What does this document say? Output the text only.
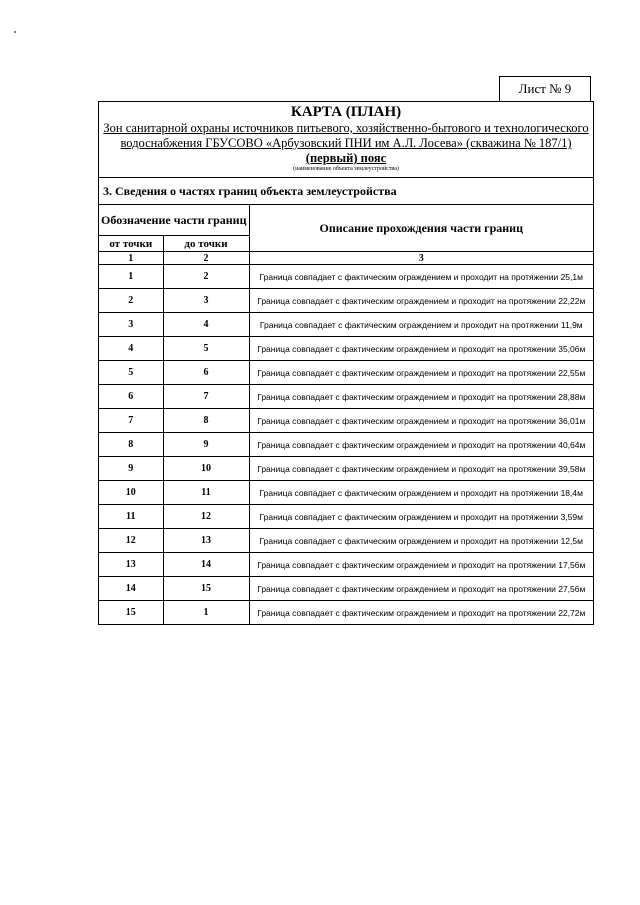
Лист № 9
КАРТА (ПЛАН)
Зон санитарной охраны источников питьевого, хозяйственно-бытового и технологического водоснабжения ГБУСОВО «Арбузовский ПНИ им А.Л. Лосева» (скважина № 187/1)
(первый) пояс
(наименование объекта землеустройства)
3. Сведения о частях границ объекта землеустройства
Обозначение части границ		Описание прохождения части границ
от точки	до точки	
1	2	3
1	2	Граница совпадает с фактическим ограждением и проходит на протяжении 25,1м
2	3	Граница совпадает с фактическим ограждением и проходит на протяжении 22,22м
3	4	Граница совпадает с фактическим ограждением и проходит на протяжении 11,9м
4	5	Граница совпадает с фактическим ограждением и проходит на протяжении 35,06м
5	6	Граница совпадает с фактическим ограждением и проходит на протяжении 22,55м
6	7	Граница совпадает с фактическим ограждением и проходит на протяжении 28,88м
7	8	Граница совпадает с фактическим ограждением и проходит на протяжении 36,01м
8	9	Граница совпадает с фактическим ограждением и проходит на протяжении 40,64м
9	10	Граница совпадает с фактическим ограждением и проходит на протяжении 39,58м
10	11	Граница совпадает с фактическим ограждением и проходит на протяжении 18,4м
11	12	Граница совпадает с фактическим ограждением и проходит на протяжении 3,59м
12	13	Граница совпадает с фактическим ограждением и проходит на протяжении 12,5м
13	14	Граница совпадает с фактическим ограждением и проходит на протяжении 17,56м
14	15	Граница совпадает с фактическим ограждением и проходит на протяжении 27,56м
15	1	Граница совпадает с фактическим ограждением и проходит на протяжении 22,72м
